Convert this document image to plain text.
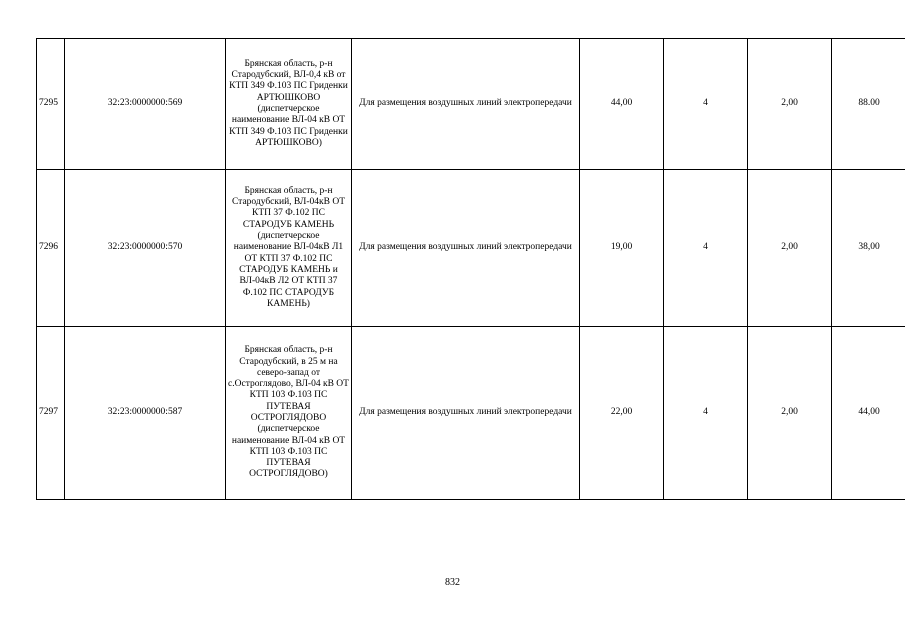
7295	32:23:0000000:569	Брянская область, р-н Стародубский, ВЛ-0,4 кВ от КТП 349 Ф.103 ПС Гриденки АРТЮШКОВО (диспетчерское наименование ВЛ-04 кВ ОТ КТП 349 Ф.103 ПС Гриденки АРТЮШКОВО)	Для размещения воздушных линий электропередачи	44,00	4	2,00	88.00
7296	32:23:0000000:570	Брянская область, р-н Стародубский, ВЛ-04кВ ОТ КТП 37 Ф.102 ПС СТАРОДУБ КАМЕНЬ (диспетчерское наименование ВЛ-04кВ Л1 ОТ КТП 37 Ф.102 ПС СТАРОДУБ КАМЕНЬ и ВЛ-04кВ Л2 ОТ КТП 37 Ф.102 ПС СТАРОДУБ КАМЕНЬ)	Для размещения воздушных линий электропередачи	19,00	4	2,00	38,00
7297	32:23:0000000:587	Брянская область, р-н Стародубский, в 25 м на северо-запад от с.Остроглядово, ВЛ-04 кВ ОТ КТП 103 Ф.103 ПС ПУТЕВАЯ ОСТРОГЛЯДОВО (диспетчерское наименование ВЛ-04 кВ ОТ КТП 103 Ф.103 ПС ПУТЕВАЯ ОСТРОГЛЯДОВО)	Для размещения воздушных линий электропередачи	22,00	4	2,00	44,00
832
